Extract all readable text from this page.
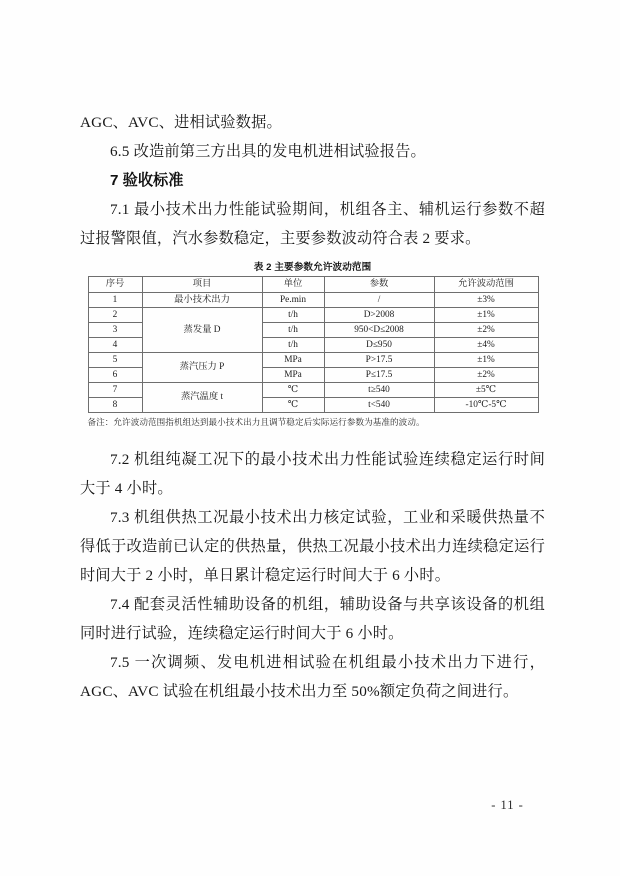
AGC、AVC、进相试验数据。

6.5 改造前第三方出具的发电机进相试验报告。

7 验收标准

7.1 最小技术出力性能试验期间，机组各主、辅机运行参数不超过报警限值，汽水参数稳定，主要参数波动符合表 2 要求。

表 2 主要参数允许波动范围
序号	项目	单位	参数	允许波动范围
1	最小技术出力	Pe.min	/	±3%
2	蒸发量 D	t/h	D>2008	±1%
3		t/h	950<D≤2008	±2%
4		t/h	D≤950	±4%
5	蒸汽压力 P	MPa	P>17.5	±1%
6		MPa	P≤17.5	±2%
7	蒸汽温度 t	℃	t≥540	±5℃
8		℃	t<540	-10℃-5℃
备注：允许波动范围指机组达到最小技术出力且调节稳定后实际运行参数为基准的波动。

7.2 机组纯凝工况下的最小技术出力性能试验连续稳定运行时间大于 4 小时。

7.3 机组供热工况最小技术出力核定试验，工业和采暖供热量不得低于改造前已认定的供热量，供热工况最小技术出力连续稳定运行时间大于 2 小时，单日累计稳定运行时间大于 6 小时。

7.4 配套灵活性辅助设备的机组，辅助设备与共享该设备的机组同时进行试验，连续稳定运行时间大于 6 小时。

7.5 一次调频、发电机进相试验在机组最小技术出力下进行，AGC、AVC 试验在机组最小技术出力至 50%额定负荷之间进行。

- 11 -
